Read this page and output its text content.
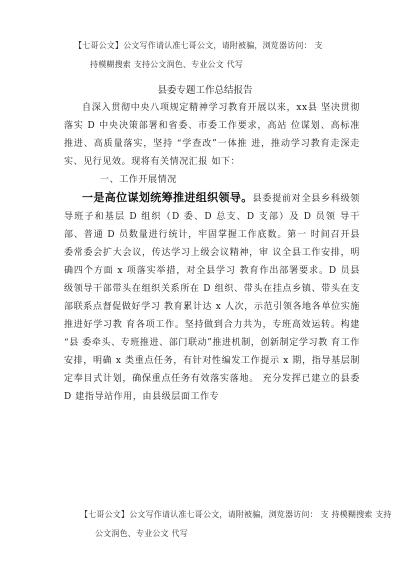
【七哥公文】公文写作请认准七哥公文，请附被骗，浏览器访问： 支
持模糊搜索 支持公文润色、专业公文 代写
县委专题工作总结报告

自深入贯彻中央八项规定精神学习教育开展以来，xx县 坚决贯彻落实 D 中央决策部署和省委、市委工作要求，高站 位谋划、高标准推进、高质量落实，坚持 “学查改”一体推 进，推动学习教育走深走实、见行见效。现将有关情况汇报 如下：

一、工作开展情况

一是高位谋划统筹推进组织领导。县委提前对全县乡科级领导班子和基层 D 组织（D 委、D 总支、D 支部）及 D 员领 导干部、普通 D 员数量进行统计，牢固掌握工作底数。第一 时间召开县委常委会扩大会议，传达学习上级会议精神，审 议全县工作安排，明确四个方面 x 项落实举措，对全县学习 教育作出部署要求。D 员县级领导干部带头在组织关系所在 D 组织、带头在挂点乡镇、带头在支部联系点督促做好学习 教育累计达 x 人次，示范引领各地各单位实施推进好学习教 育各项工作。坚持做到合力共为，专班高效运转。构建 “县 委牵头、专班推进、部门联动”推进机制，创新制定学习教 育工作安排，明确 x 类重点任务，有针对性编发工作提示 x 期，指导基层制定奉目式计划，确保重点任务有效落实落地。 充分发挥已建立的县委 D 建指导站作用，由县级层面工作专

【七哥公文】公文写作请认准七哥公文，请附被骗，浏览器访问： 支 持模糊搜索 支持
公文润色、专业公文 代写
